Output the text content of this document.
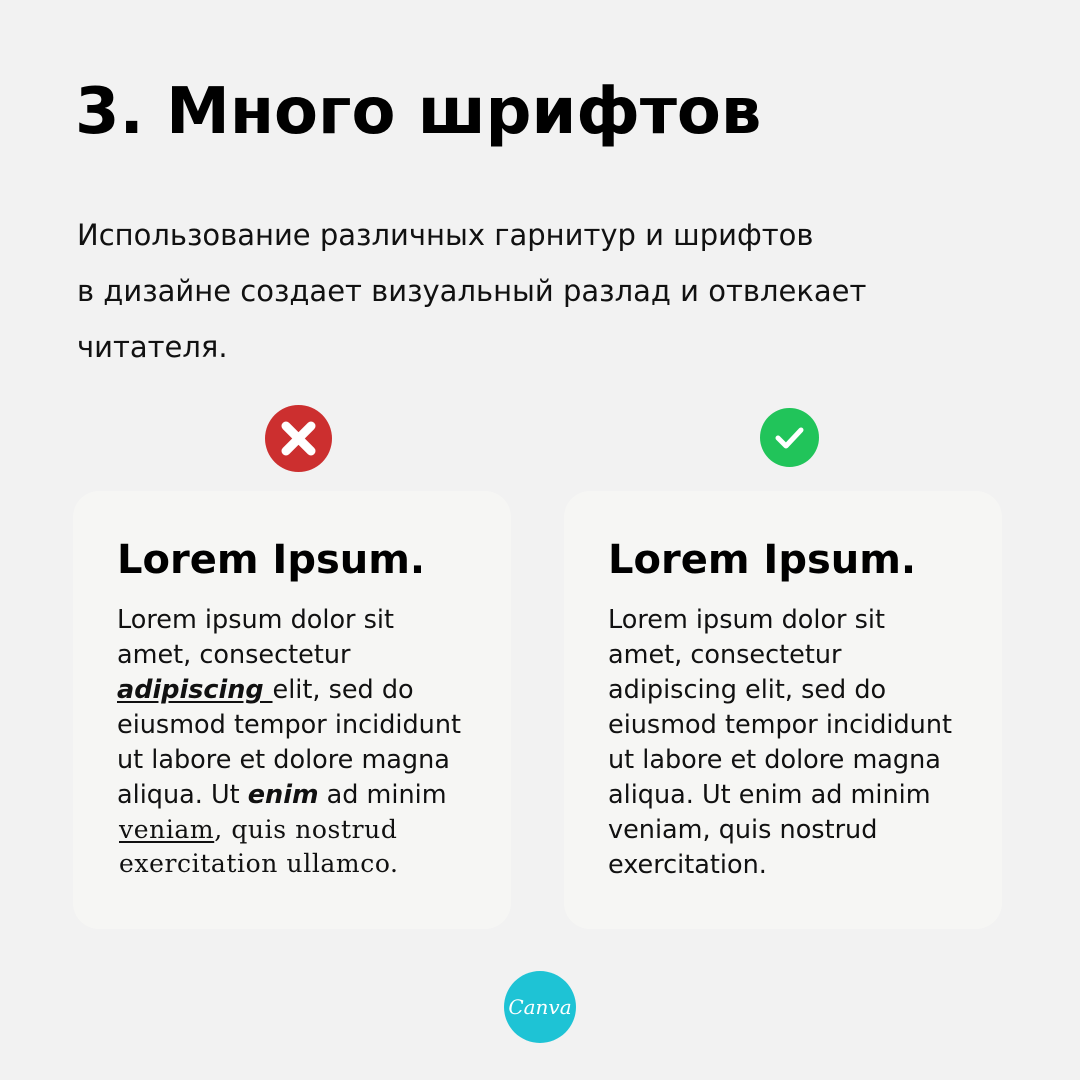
3. Много шрифтов
Использование различных гарнитур и шрифтов
в дизайне создает визуальный разлад и отвлекает
читателя.
Lorem Ipsum.
Lorem ipsum dolor sit
amet, consectetur
adipiscing elit, sed do
eiusmod tempor incididunt
ut labore et dolore magna
aliqua. Ut enim ad minim
veniam, quis nostrud
exercitation ullamco.
Lorem Ipsum.
Lorem ipsum dolor sit
amet, consectetur
adipiscing elit, sed do
eiusmod tempor incididunt
ut labore et dolore magna
aliqua. Ut enim ad minim
veniam, quis nostrud
exercitation.
Canva
